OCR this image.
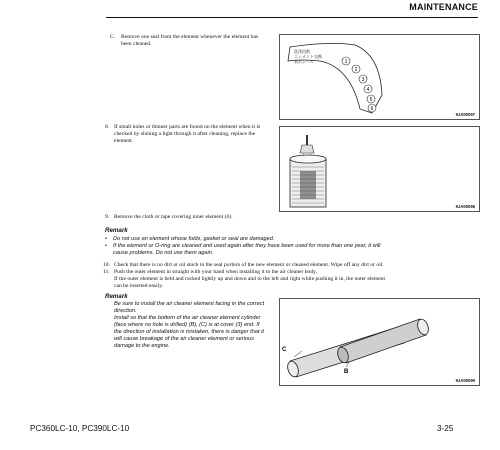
MAINTENANCE
C. Remove one seal from the element whenever the element has
been cleaned.
洗浄回数
エレメント交換
表示シール	1
2
3
4
5
6
9JA00097
8. If small holes or thinner parts are found on the element when it is
checked by shining a light through it after cleaning, replace the
element.
9JA00098
9. Remove the cloth or tape covering inner element (6).
Remark
• Do not use an element whose folds, gasket or seal are damaged.
• If the element or O-ring are cleaned and used again after they have been used for more than one year, it will
cause problems. Do not use them again.
10. Check that there is no dirt or oil stuck to the seal portion of the new element or cleaned element. Wipe off any dirt or oil.
11. Push the outer element in straight with your hand when installing it to the air cleaner body.
If the outer element is held and rocked lightly up and down and to the left and right while pushing it in, the outer element
can be inserted easily.
Remark
Be sure to install the air cleaner element facing in the correct
direction.
Install so that the bottom of the air cleaner element cylinder
(face where no hole is drilled) (B), (C) is at cover (3) end. If
the direction of installation is mistaken, there is danger that it
will cause breakage of the air cleaner element or serious
damage to the engine.
C
B
9JA00099
PC360LC-10, PC390LC-10	3-25
